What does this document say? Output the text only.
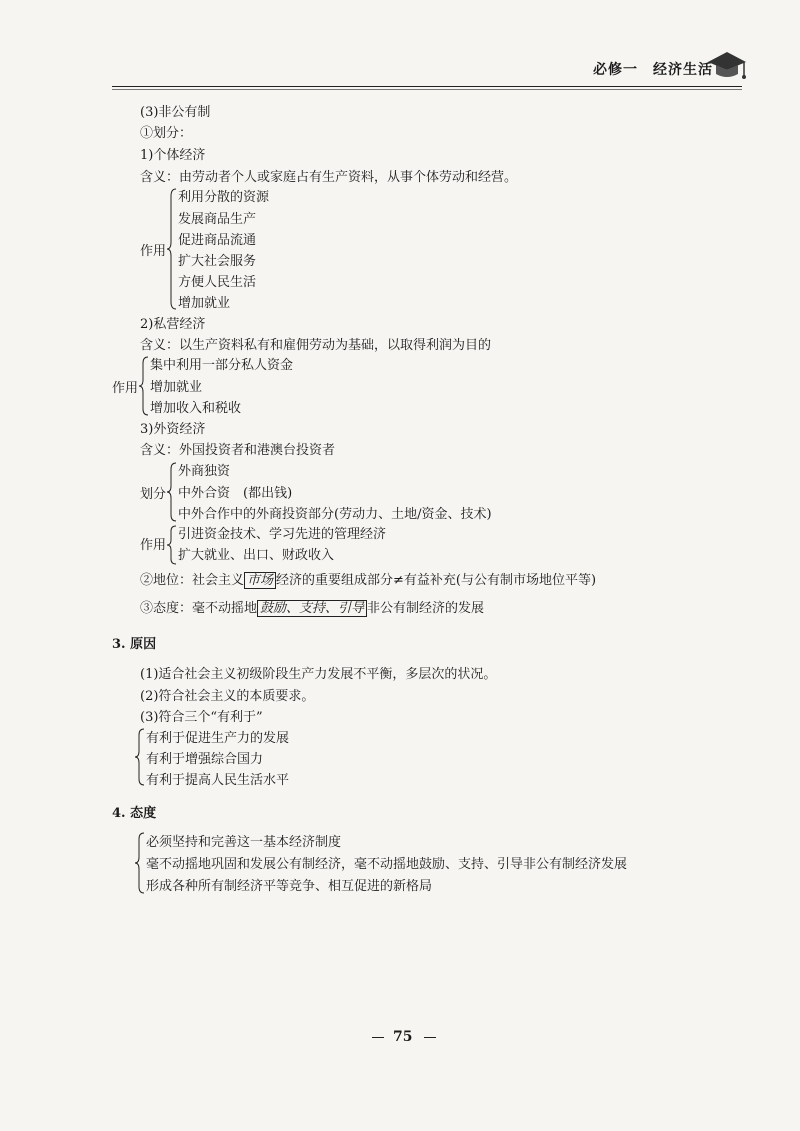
必修一　经济生活
(3)非公有制
①划分：
1)个体经济
含义：由劳动者个人或家庭占有生产资料，从事个体劳动和经营。
作用
利用分散的资源
发展商品生产
促进商品流通
扩大社会服务
方便人民生活
增加就业
2)私营经济
含义：以生产资料私有和雇佣劳动为基础，以取得利润为目的
作用
集中利用一部分私人资金
增加就业
增加收入和税收
3)外资经济
含义：外国投资者和港澳台投资者
划分
外商独资
中外合资　(都出钱)
中外合作中的外商投资部分(劳动力、土地/资金、技术)
作用
引进资金技术、学习先进的管理经济
扩大就业、出口、财政收入
②地位：社会主义 市场 经济的重要组成部分≠有益补充(与公有制市场地位平等)
③态度：毫不动摇地 鼓励、支持、引导 非公有制经济的发展
3. 原因
(1)适合社会主义初级阶段生产力发展不平衡，多层次的状况。
(2)符合社会主义的本质要求。
(3)符合三个“有利于”
有利于促进生产力的发展
有利于增强综合国力
有利于提高人民生活水平
4. 态度
必须坚持和完善这一基本经济制度
毫不动摇地巩固和发展公有制经济，毫不动摇地鼓励、支持、引导非公有制经济发展
形成各种所有制经济平等竞争、相互促进的新格局
75
